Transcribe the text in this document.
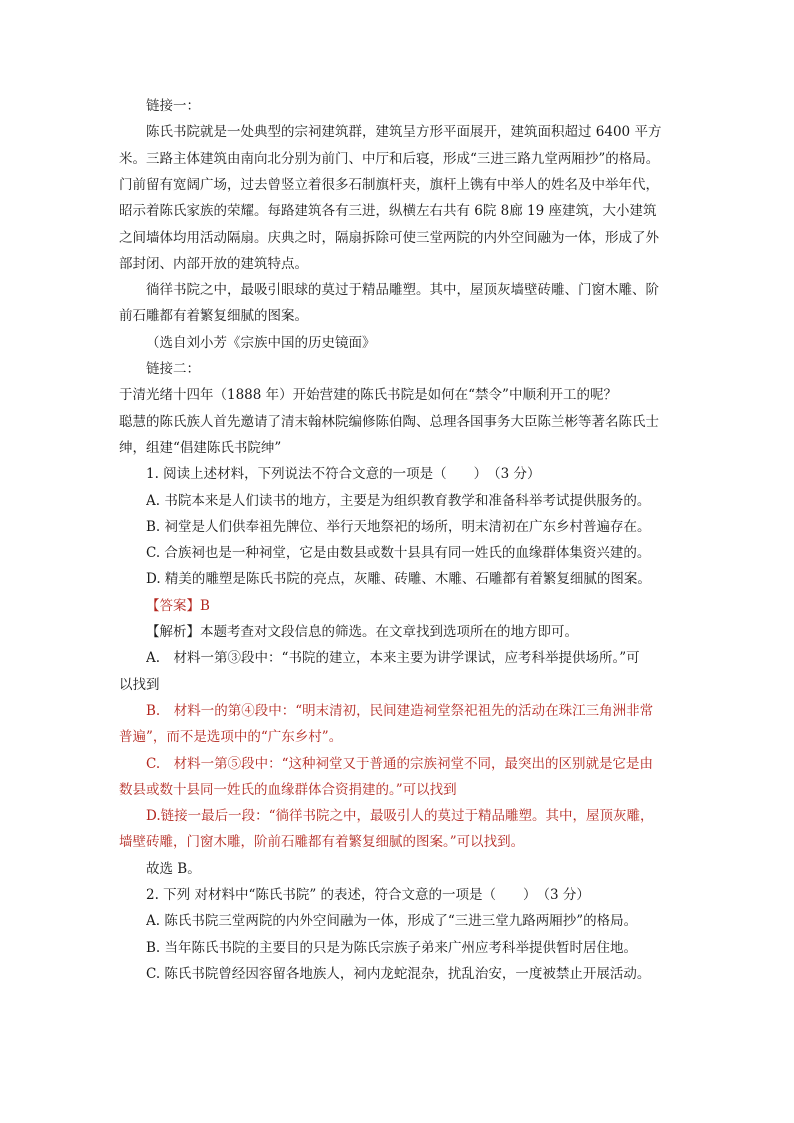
链接一：
陈氏书院就是一处典型的宗祠建筑群，建筑呈方形平面展开，建筑面积超过 6400 平方
米。三路主体建筑由南向北分别为前门、中厅和后寝，形成“三进三路九堂两厢抄”的格局。
门前留有宽阔广场，过去曾竖立着很多石制旗杆夹，旗杆上镌有中举人的姓名及中举年代，
昭示着陈氏家族的荣耀。每路建筑各有三进，纵横左右共有 6院 8廊 19 座建筑，大小建筑
之间墙体均用活动隔扇。庆典之时，隔扇拆除可使三堂两院的内外空间融为一体，形成了外
部封闭、内部开放的建筑特点。
徜徉书院之中，最吸引眼球的莫过于精品雕塑。其中，屋顶灰墙壁砖雕、门窗木雕、阶
前石雕都有着繁复细腻的图案。
（选自刘小芳《宗族中国的历史镜面》
链接二：
于清光绪十四年（1888 年）开始营建的陈氏书院是如何在“禁令”中顺利开工的呢？
聪慧的陈氏族人首先邀请了清末翰林院编修陈伯陶、总理各国事务大臣陈兰彬等著名陈氏士
绅，组建“倡建陈氏书院绅”
1. 阅读上述材料，下列说法不符合文意的一项是（　　）　（3 分）
A. 书院本来是人们读书的地方，主要是为组织教育教学和准备科举考试提供服务的。
B. 祠堂是人们供奉祖先牌位、举行天地祭祀的场所，明末清初在广东乡村普遍存在。
C. 合族祠也是一种祠堂，它是由数县或数十县具有同一姓氏的血缘群体集资兴建的。
D. 精美的雕塑是陈氏书院的亮点，灰雕、砖雕、木雕、石雕都有着繁复细腻的图案。
【答案】B
【解析】本题考查对文段信息的筛选。在文章找到选项所在的地方即可。
A.　材料一第③段中：“书院的建立，本来主要为讲学课试，应考科举提供场所。”可
以找到
B.　材料一的第④段中：“明末清初，民间建造祠堂祭祀祖先的活动在珠江三角洲非常
普遍”，而不是选项中的“广东乡村”。
C.　材料一第⑤段中：“这种祠堂又于普通的宗族祠堂不同，最突出的区别就是它是由
数县或数十县同一姓氏的血缘群体合资捐建的。”可以找到
D.链接一最后一段：“徜徉书院之中，最吸引人的莫过于精品雕塑。其中，屋顶灰雕，
墙壁砖雕，门窗木雕，阶前石雕都有着繁复细腻的图案。”可以找到。
故选 B。
2. 下列 对材料中“陈氏书院” 的表述，符合文意的一项是（　　）　（3 分）
A. 陈氏书院三堂两院的内外空间融为一体，形成了“三进三堂九路两厢抄”的格局。
B. 当年陈氏书院的主要目的只是为陈氏宗族子弟来广州应考科举提供暂时居住地。
C. 陈氏书院曾经因容留各地族人，祠内龙蛇混杂，扰乱治安，一度被禁止开展活动。
